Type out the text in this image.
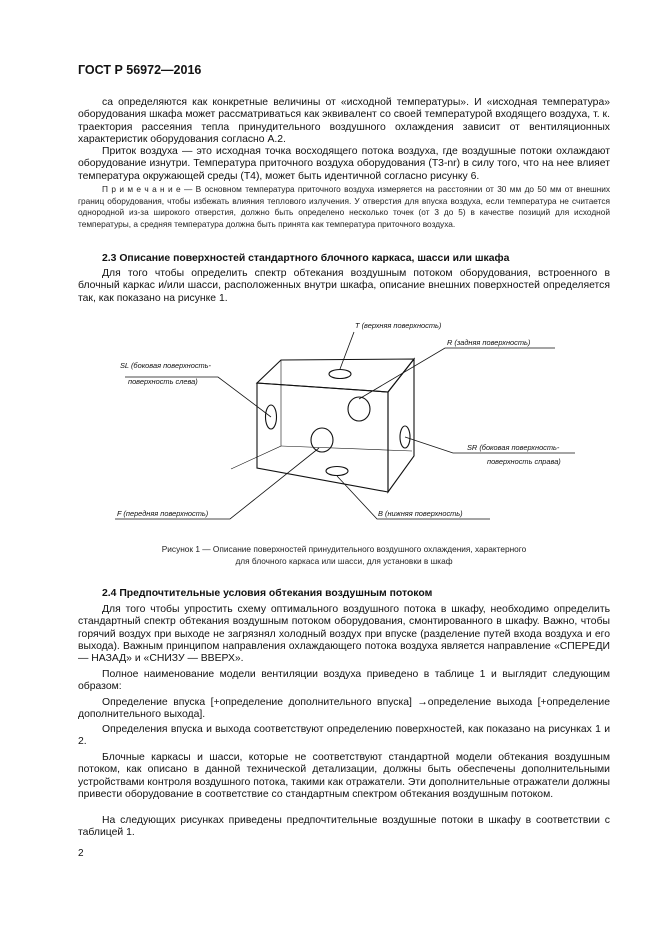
ГОСТ Р 56972—2016
са определяются как конкретные величины от «исходной температуры». И «исходная температура» оборудования шкафа может рассматриваться как эквивалент со своей температурой входящего воздуха, т. к. траектория рассеяния тепла принудительного воздушного охлаждения зависит от вентиляционных характеристик оборудования согласно А.2.
Приток воздуха — это исходная точка восходящего потока воздуха, где воздушные потоки охлаждают оборудование изнутри. Температура приточного воздуха оборудования (T3-nr) в силу того, что на нее влияет температура окружающей среды (T4), может быть идентичной согласно рисунку 6.
П р и м е ч а н и е — В основном температура приточного воздуха измеряется на расстоянии от 30 мм до 50 мм от внешних границ оборудования, чтобы избежать влияния теплового излучения. У отверстия для впуска воздуха, если температура не считается однородной из-за широкого отверстия, должно быть определено несколько точек (от 3 до 5) в качестве позиций для исходной температуры, а средняя температура должна быть принята как температура приточного воздуха.
2.3 Описание поверхностей стандартного блочного каркаса, шасси или шкафа
Для того чтобы определить спектр обтекания воздушным потоком оборудования, встроенного в блочный каркас и/или шасси, расположенных внутри шкафа, описание внешних поверхностей определяется так, как показано на рисунке 1.
T (верхняя поверхность)
R (задняя поверхность)
SL (боковая поверхность-
поверхность слева)
SR (боковая поверхность-
поверхность справа)
F (передняя поверхность)	B (нижняя поверхность)
Рисунок 1 — Описание поверхностей принудительного воздушного охлаждения, характерного
для блочного каркаса или шасси, для установки в шкаф
2.4 Предпочтительные условия обтекания воздушным потоком
Для того чтобы упростить схему оптимального воздушного потока в шкафу, необходимо определить стандартный спектр обтекания воздушным потоком оборудования, смонтированного в шкафу. Важно, чтобы горячий воздух при выходе не загрязнял холодный воздух при впуске (разделение путей входа воздуха и его выхода). Важным принципом направления охлаждающего потока воздуха является направление «СПЕРЕДИ — НАЗАД» и «СНИЗУ — ВВЕРХ».
Полное наименование модели вентиляции воздуха приведено в таблице 1 и выглядит следующим образом:
Определение впуска [+определение дополнительного впуска] →определение выхода [+определение дополнительного выхода].
Определения впуска и выхода соответствуют определению поверхностей, как показано на рисунках 1 и 2.
Блочные каркасы и шасси, которые не соответствуют стандартной модели обтекания воздушным потоком, как описано в данной технической детализации, должны быть обеспечены дополнительными устройствами контроля воздушного потока, такими как отражатели. Эти дополнительные отражатели должны привести оборудование в соответствие со стандартным спектром обтекания воздушным потоком.
На следующих рисунках приведены предпочтительные воздушные потоки в шкафу в соответствии с таблицей 1.
2
